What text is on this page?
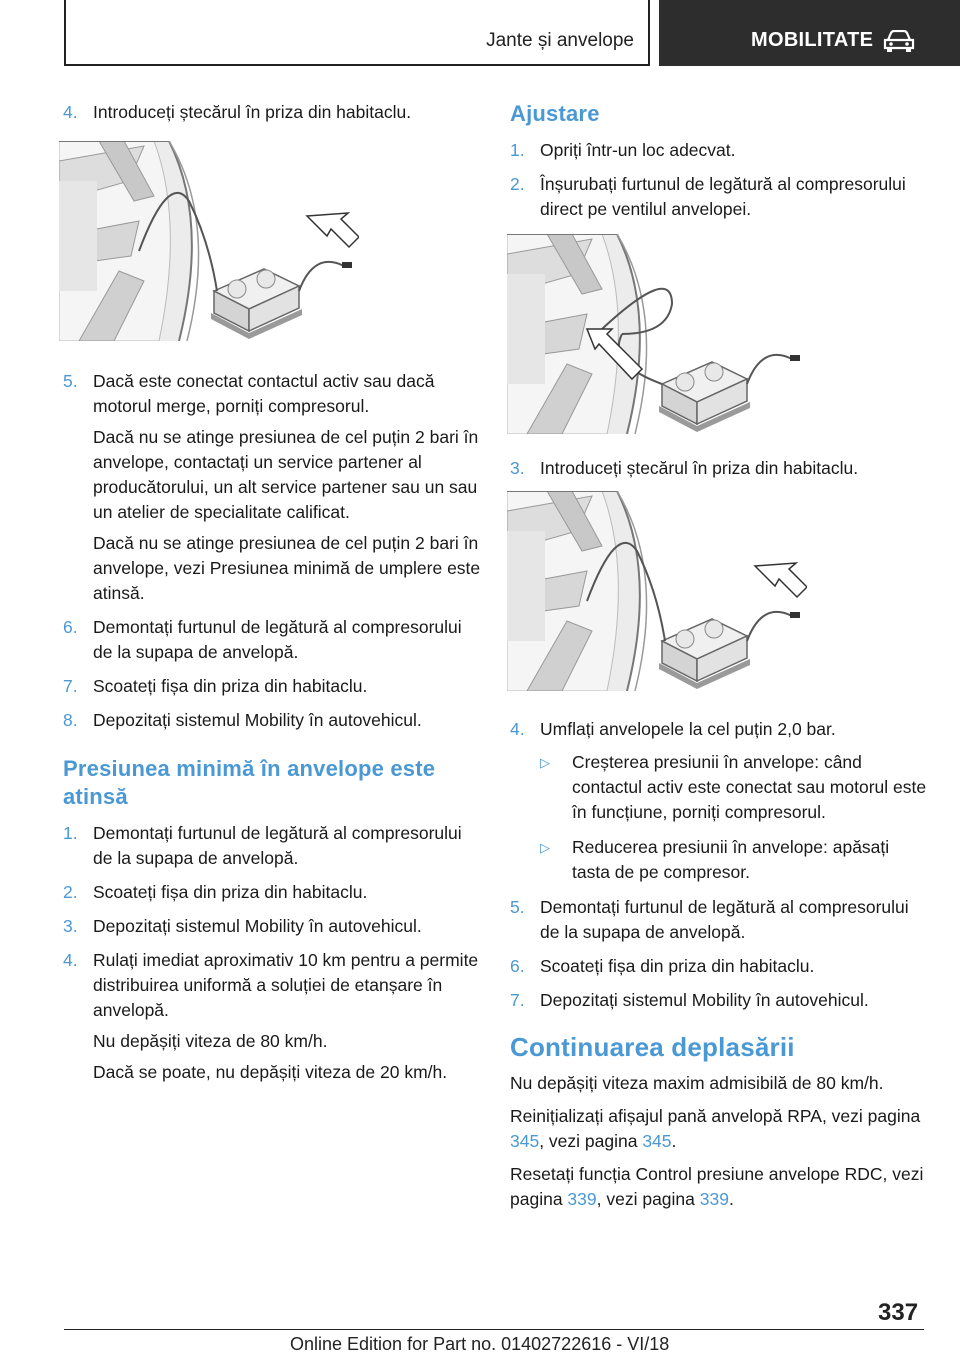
Jante și anvelope	MOBILITATE
4. Introduceți ștecărul în priza din habitaclu.

5. Dacă este conectat contactul activ sau dacă motorul merge, porniți compresorul.

Dacă nu se atinge presiunea de cel puțin 2 bari în anvelope, contactați un service partener al producătorului, un alt service partener sau un sau un atelier de specialitate calificat.

Dacă nu se atinge presiunea de cel puțin 2 bari în anvelope, vezi Presiunea minimă de umplere este atinsă.

6. Demontați furtunul de legătură al compresorului de la supapa de anvelopă.

7. Scoateți fișa din priza din habitaclu.

8. Depozitați sistemul Mobility în autovehicul.

Presiunea minimă în anvelope este atinsă
1. Demontați furtunul de legătură al compresorului de la supapa de anvelopă.

2. Scoateți fișa din priza din habitaclu.

3. Depozitați sistemul Mobility în autovehicul.

4. Rulați imediat aproximativ 10 km pentru a permite distribuirea uniformă a soluției de etanșare în anvelopă.

Nu depășiți viteza de 80 km/h.

Dacă se poate, nu depășiți viteza de 20 km/h.

Ajustare
1. Opriți într-un loc adecvat.

2. Înșurubați furtunul de legătură al compresorului direct pe ventilul anvelopei.

3. Introduceți ștecărul în priza din habitaclu.

4. Umflați anvelopele la cel puțin 2,0 bar.

▷ Creșterea presiunii în anvelope: când contactul activ este conectat sau motorul este în funcțiune, porniți compresorul.

▷ Reducerea presiunii în anvelope: apăsați tasta de pe compresor.

5. Demontați furtunul de legătură al compresorului de la supapa de anvelopă.

6. Scoateți fișa din priza din habitaclu.

7. Depozitați sistemul Mobility în autovehicul.

Continuarea deplasării

Nu depășiți viteza maxim admisibilă de 80 km/h.

Reinițializați afișajul pană anvelopă RPA, vezi pagina 345, vezi pagina 345.

Resetați funcția Control presiune anvelope RDC, vezi pagina 339, vezi pagina 339.

337
Online Edition for Part no. 01402722616 - VI/18
